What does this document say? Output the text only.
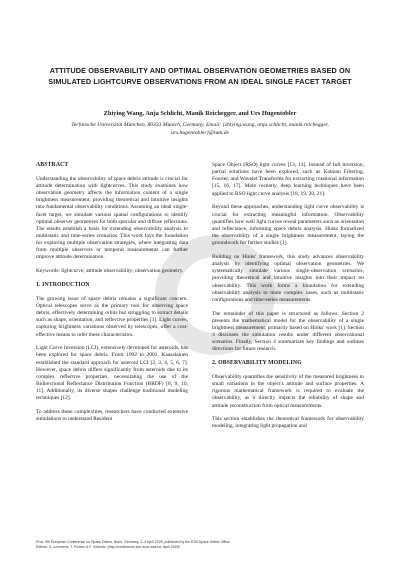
ATTITUDE OBSERVABILITY AND OPTIMAL OBSERVATION GEOMETRIES BASED ON SIMULATED LIGHTCURVE OBSERVATIONS FROM AN IDEAL SINGLE FACET TARGET
Zhiying Wang, Anja Schlicht, Manik Reichegger, and Urs Hugentobler
Technische Universität München, 80333 Munich, Germany, Email: {zhiying.wang, anja.schlicht, manik.reichegger, urs.hugentobler}@tum.de
ABSTRACT

Understanding the observability of space debris attitude is crucial for attitude determination with lightcurves. This study examines how observation geometry affects the information content of a single brightness measurement, providing theoretical and intuitive insights into fundamental observability conditions. Assuming an ideal single-facet target, we simulate various spatial configurations to identify optimal observer geometries for both specular and diffuse reflections. The results establish a basis for extending observability analysis to multistatic and time-series scenarios. This work lays the foundation for exploring multiple observation strategies, where integrating data from multiple observers or temporal measurements can further improve attitude determination.

Keywords: lightcurve; attitude observability; observation geometry.

1. INTRODUCTION

The growing issue of space debris remains a significant concern. Optical telescopes serve as the primary tool for observing space debris, effectively determining orbits but struggling to extract details such as shape, orientation, and reflective properties [1]. Light curves, capturing brightness variations observed by telescopes, offer a cost-effective means to infer these characteristics.

Light Curve Inversion (LCI), extensively developed for asteroids, has been explored for space debris. From 1992 to 2001, Kaasalainen established the standard approach for asteroid LCI [2, 3, 4, 5, 6, 7]. However, space debris differs significantly from asteroids due to its complex reflective properties, necessitating the use of the Bidirectional Reflectance Distribution Function (BRDF) [8, 9, 10, 11]. Additionally, its diverse shapes challenge traditional modeling techniques [12].

To address these complexities, researchers have conducted extensive simulations to understand Resident

Space Object (RSO) light curves [13, 14]. Instead of full inversion, partial solutions have been explored, such as Kalman Filtering, Fourier, and Wavelet Transforms for extracting rotational information [15, 16, 17]. More recently, deep learning techniques have been applied to RSO light curve analysis [18, 19, 20, 21].

Beyond these approaches, understanding light curve observability is crucial for extracting meaningful information. Observability quantifies how well light curves reveal parameters such as orientation and reflectance, informing space debris analysis. Hinks formalized the observability of a single brightness measurement, laying the groundwork for further studies [1].

Building on Hinks' framework, this study advances observability analysis by identifying optimal observation geometries. We systematically simulate various single-observation scenarios, providing theoretical and intuitive insights into their impact on observability. This work forms a foundation for extending observability analysis to more complex cases, such as multistatic configurations and time-series measurements.

The remainder of this paper is structured as follows: Section 2 presents the mathematical model for the observability of a single brightness measurement, primarily based on Hinks' work [1]. Section 3 discusses the simulation results under different observational scenarios. Finally, Section 4 summarizes key findings and outlines directions for future research.

2. OBSERVABILITY MODELING

Observability quantifies the sensitivity of the measured brightness to small variations in the object's attitude and surface properties. A rigorous mathematical framework is required to evaluate the observability, as it directly impacts the reliability of shape and attitude reconstruction from optical measurements.

This section establishes the theoretical framework for observability modeling, integrating light propagation and

Proc. 9th European Conference on Space Debris, Bonn, Germany, 1–4 April 2025, published by the ESA Space Debris Office
Editors: S. Lemmens, T. Flohrer & F. Schmitz, (http://conference.sdo.esoc.esa.int, April 2025)
